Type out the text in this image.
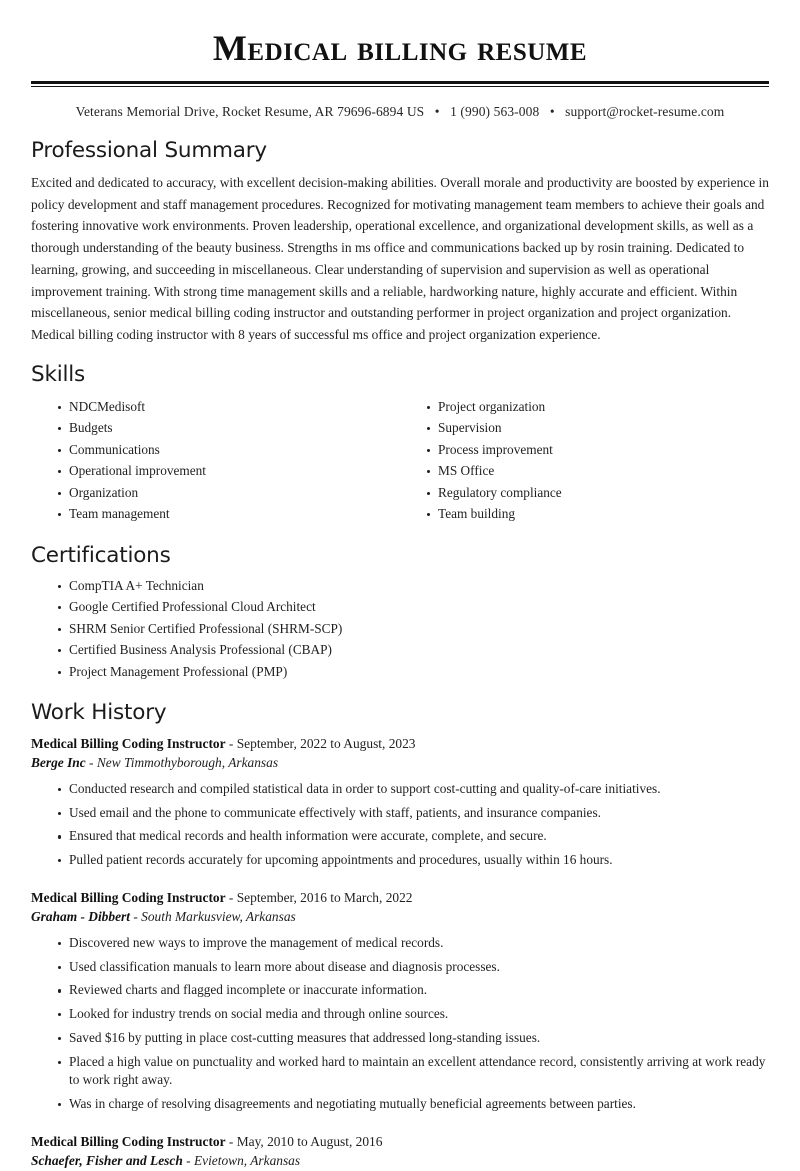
Medical billing resume
Veterans Memorial Drive, Rocket Resume, AR 79696-6894 US • 1 (990) 563-008 • support@rocket-resume.com
Professional Summary

Excited and dedicated to accuracy, with excellent decision-making abilities. Overall morale and productivity are boosted by experience in policy development and staff management procedures. Recognized for motivating management team members to achieve their goals and fostering innovative work environments. Proven leadership, operational excellence, and organizational development skills, as well as a thorough understanding of the beauty business. Strengths in ms office and communications backed up by rosin training. Dedicated to learning, growing, and succeeding in miscellaneous. Clear understanding of supervision and supervision as well as operational improvement training. With strong time management skills and a reliable, hardworking nature, highly accurate and efficient. Within miscellaneous, senior medical billing coding instructor and outstanding performer in project organization and project organization. Medical billing coding instructor with 8 years of successful ms office and project organization experience.

Skills
NDCMedisoft
Budgets
Communications
Operational improvement
Organization
Team management
Project organization
Supervision
Process improvement
MS Office
Regulatory compliance
Team building
Certifications
CompTIA A+ Technician
Google Certified Professional Cloud Architect
SHRM Senior Certified Professional (SHRM-SCP)
Certified Business Analysis Professional (CBAP)
Project Management Professional (PMP)
Work History
Medical Billing Coding Instructor - September, 2022 to August, 2023
Berge Inc - New Timmothyborough, Arkansas
Conducted research and compiled statistical data in order to support cost-cutting and quality-of-care initiatives.
Used email and the phone to communicate effectively with staff, patients, and insurance companies.
Ensured that medical records and health information were accurate, complete, and secure.
Pulled patient records accurately for upcoming appointments and procedures, usually within 16 hours.
Medical Billing Coding Instructor - September, 2016 to March, 2022
Graham - Dibbert - South Markusview, Arkansas
Discovered new ways to improve the management of medical records.
Used classification manuals to learn more about disease and diagnosis processes.
Reviewed charts and flagged incomplete or inaccurate information.
Looked for industry trends on social media and through online sources.
Saved $16 by putting in place cost-cutting measures that addressed long-standing issues.
Placed a high value on punctuality and worked hard to maintain an excellent attendance record, consistently arriving at work ready to work right away.
Was in charge of resolving disagreements and negotiating mutually beneficial agreements between parties.
Medical Billing Coding Instructor - May, 2010 to August, 2016
Schaefer, Fisher and Lesch - Evietown, Arkansas
